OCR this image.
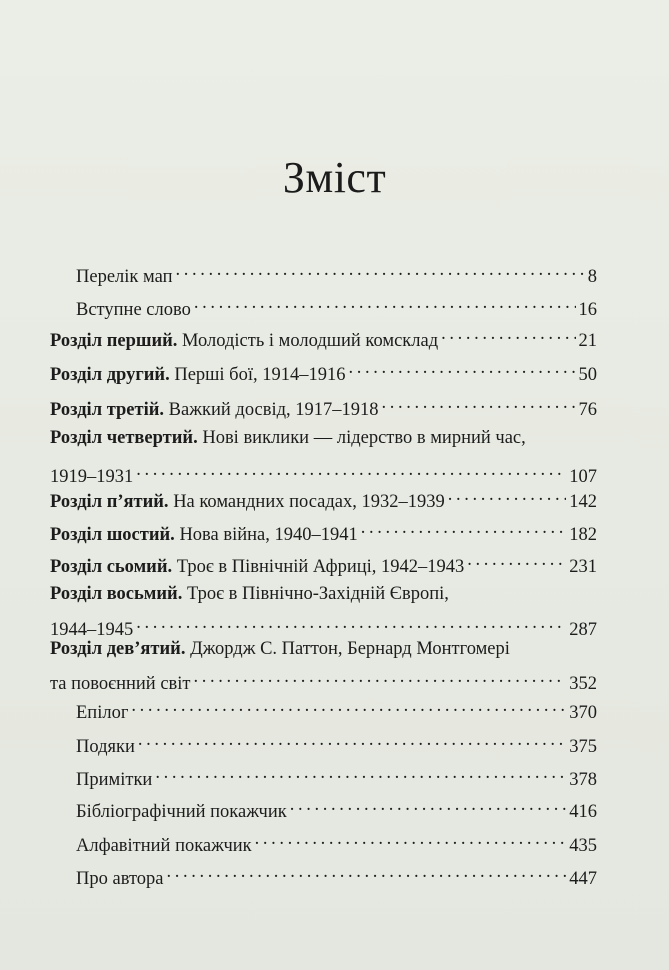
Зміст
Перелік мап . . .	8
Вступне слово . . .	16
Розділ перший. Молодість і молодший комсклад . . .	21
Розділ другий. Перші бої, 1914–1916 . . .	50
Розділ третій. Важкий досвід, 1917–1918 . . .	76
Розділ четвертий. Нові виклики — лідерство в мирний час,
1919–1931 . . .	107
Розділ п’ятий. На командних посадах, 1932–1939 . . .	142
Розділ шостий. Нова війна, 1940–1941 . . .	182
Розділ сьомий. Троє в Північній Африці, 1942–1943 . . .	231
Розділ восьмий. Троє в Північно-Західній Європі,
1944–1945 . . .	287
Розділ дев’ятий. Джордж С. Паттон, Бернард Монтгомері
та повоєнний світ . . .	352
Епілог . . .	370
Подяки . . .	375
Примітки . . .	378
Бібліографічний покажчик . . .	416
Алфавітний покажчик . . .	435
Про автора . . .	447
